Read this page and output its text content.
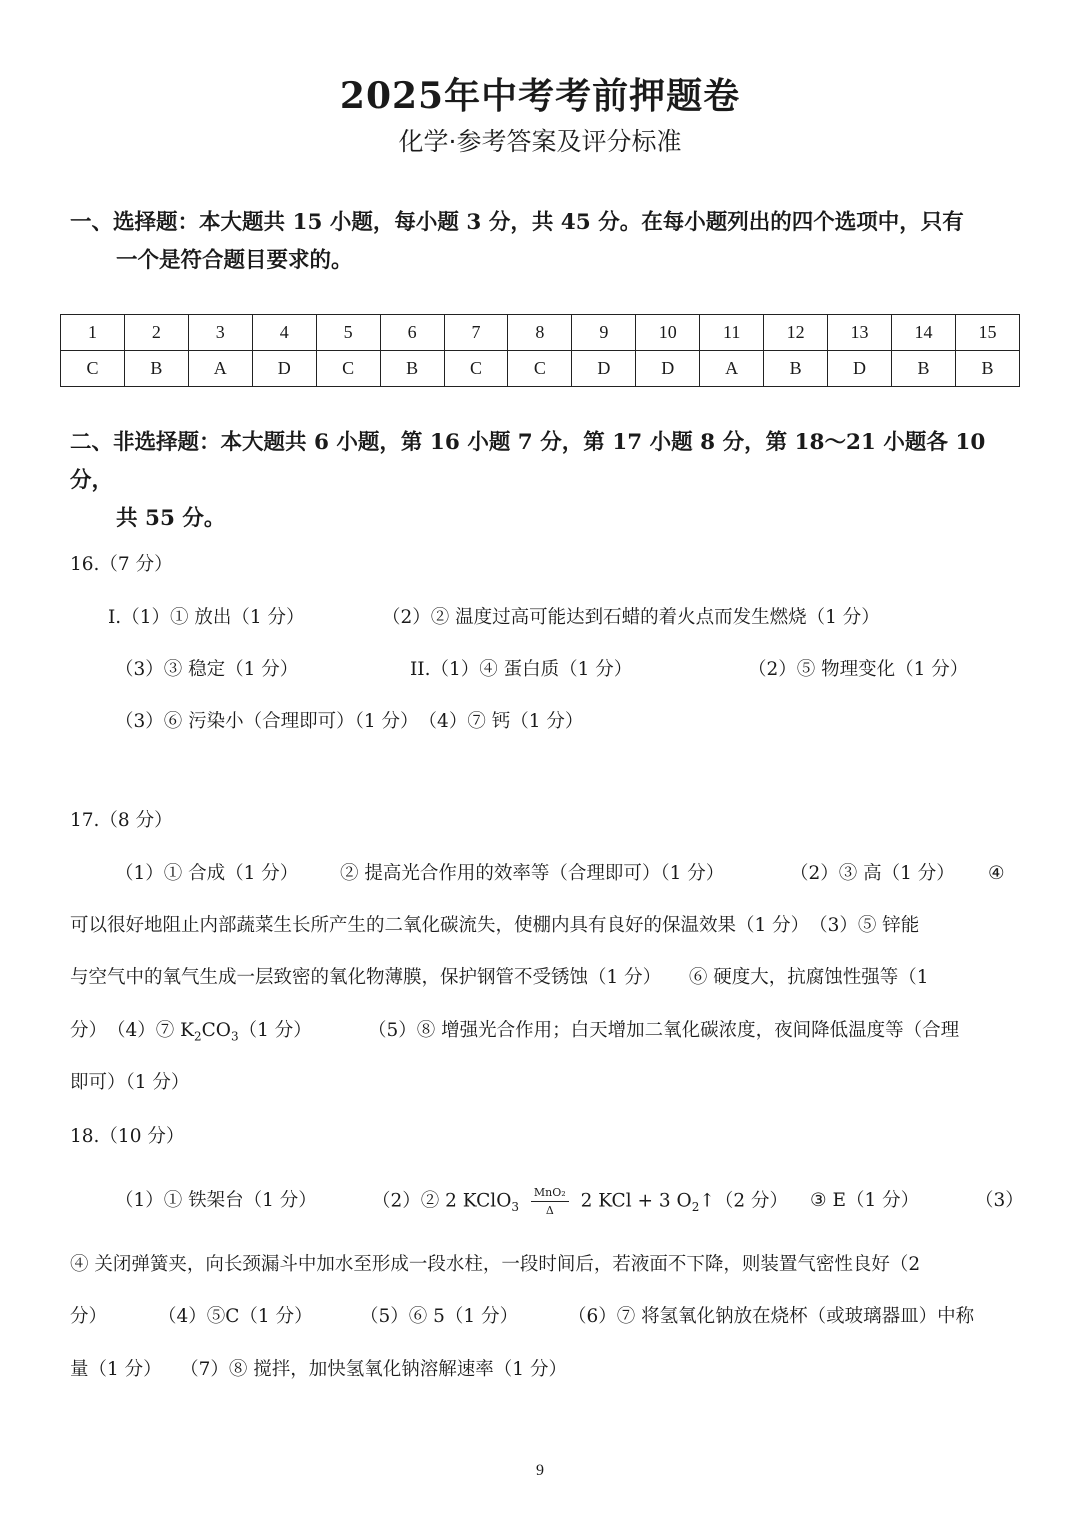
2025年中考考前押题卷
化学·参考答案及评分标准
一、选择题：本大题共 15 小题，每小题 3 分，共 45 分。在每小题列出的四个选项中，只有
一个是符合题目要求的。
1	2	3	4	5	6	7	8	9	10	11	12	13	14	15
C	B	A	D	C	B	C	C	D	D	A	B	D	B	B
二、非选择题：本大题共 6 小题，第 16 小题 7 分，第 17 小题 8 分，第 18～21 小题各 10 分，
共 55 分。
16.（7 分）
I.（1）① 放出（1 分）	（2）② 温度过高可能达到石蜡的着火点而发生燃烧（1 分）
（3）③ 稳定（1 分）	II.（1）④ 蛋白质（1 分）	（2）⑤ 物理变化（1 分）
（3）⑥ 污染小（合理即可）（1 分）　（4）⑦ 钙（1 分）
17.（8 分）
（1）① 合成（1 分） ② 提高光合作用的效率等（合理即可）（1 分）	（2）③ 高（1 分） ④
可以很好地阻止内部蔬菜生长所产生的二氧化碳流失，使棚内具有良好的保温效果（1 分）　（3）⑤ 锌能
与空气中的氧气生成一层致密的氧化物薄膜，保护钢管不受锈蚀（1 分）　　⑥ 硬度大，抗腐蚀性强等（1
分）　（4）⑦ $K_2CO_3(1$ 分）	（5）⑧ 增强光合作用；白天增加二氧化碳浓度，夜间降低温度等（合理
即可）（1 分）
18.（10 分）
（1）① 铁架台（1 分）	（2）② 2 KClO$_3$ $\frac{\text{MnO₂}}{\Delta} 2$ KCl + 3 $O_2↑(2$ 分） ③ E（1 分）	（3）
④ 关闭弹簧夹，向长颈漏斗中加水至形成一段水柱，一段时间后，若液面不下降，则装置气密性良好（2
分）	（4）⑤C（1 分）	（5）⑥ 5（1 分）	（6）⑦ 将氢氧化钠放在烧杯（或玻璃器皿）中称
量（1 分）　　（7）⑧ 搅拌，加快氢氧化钠溶解速率（1 分）
9
